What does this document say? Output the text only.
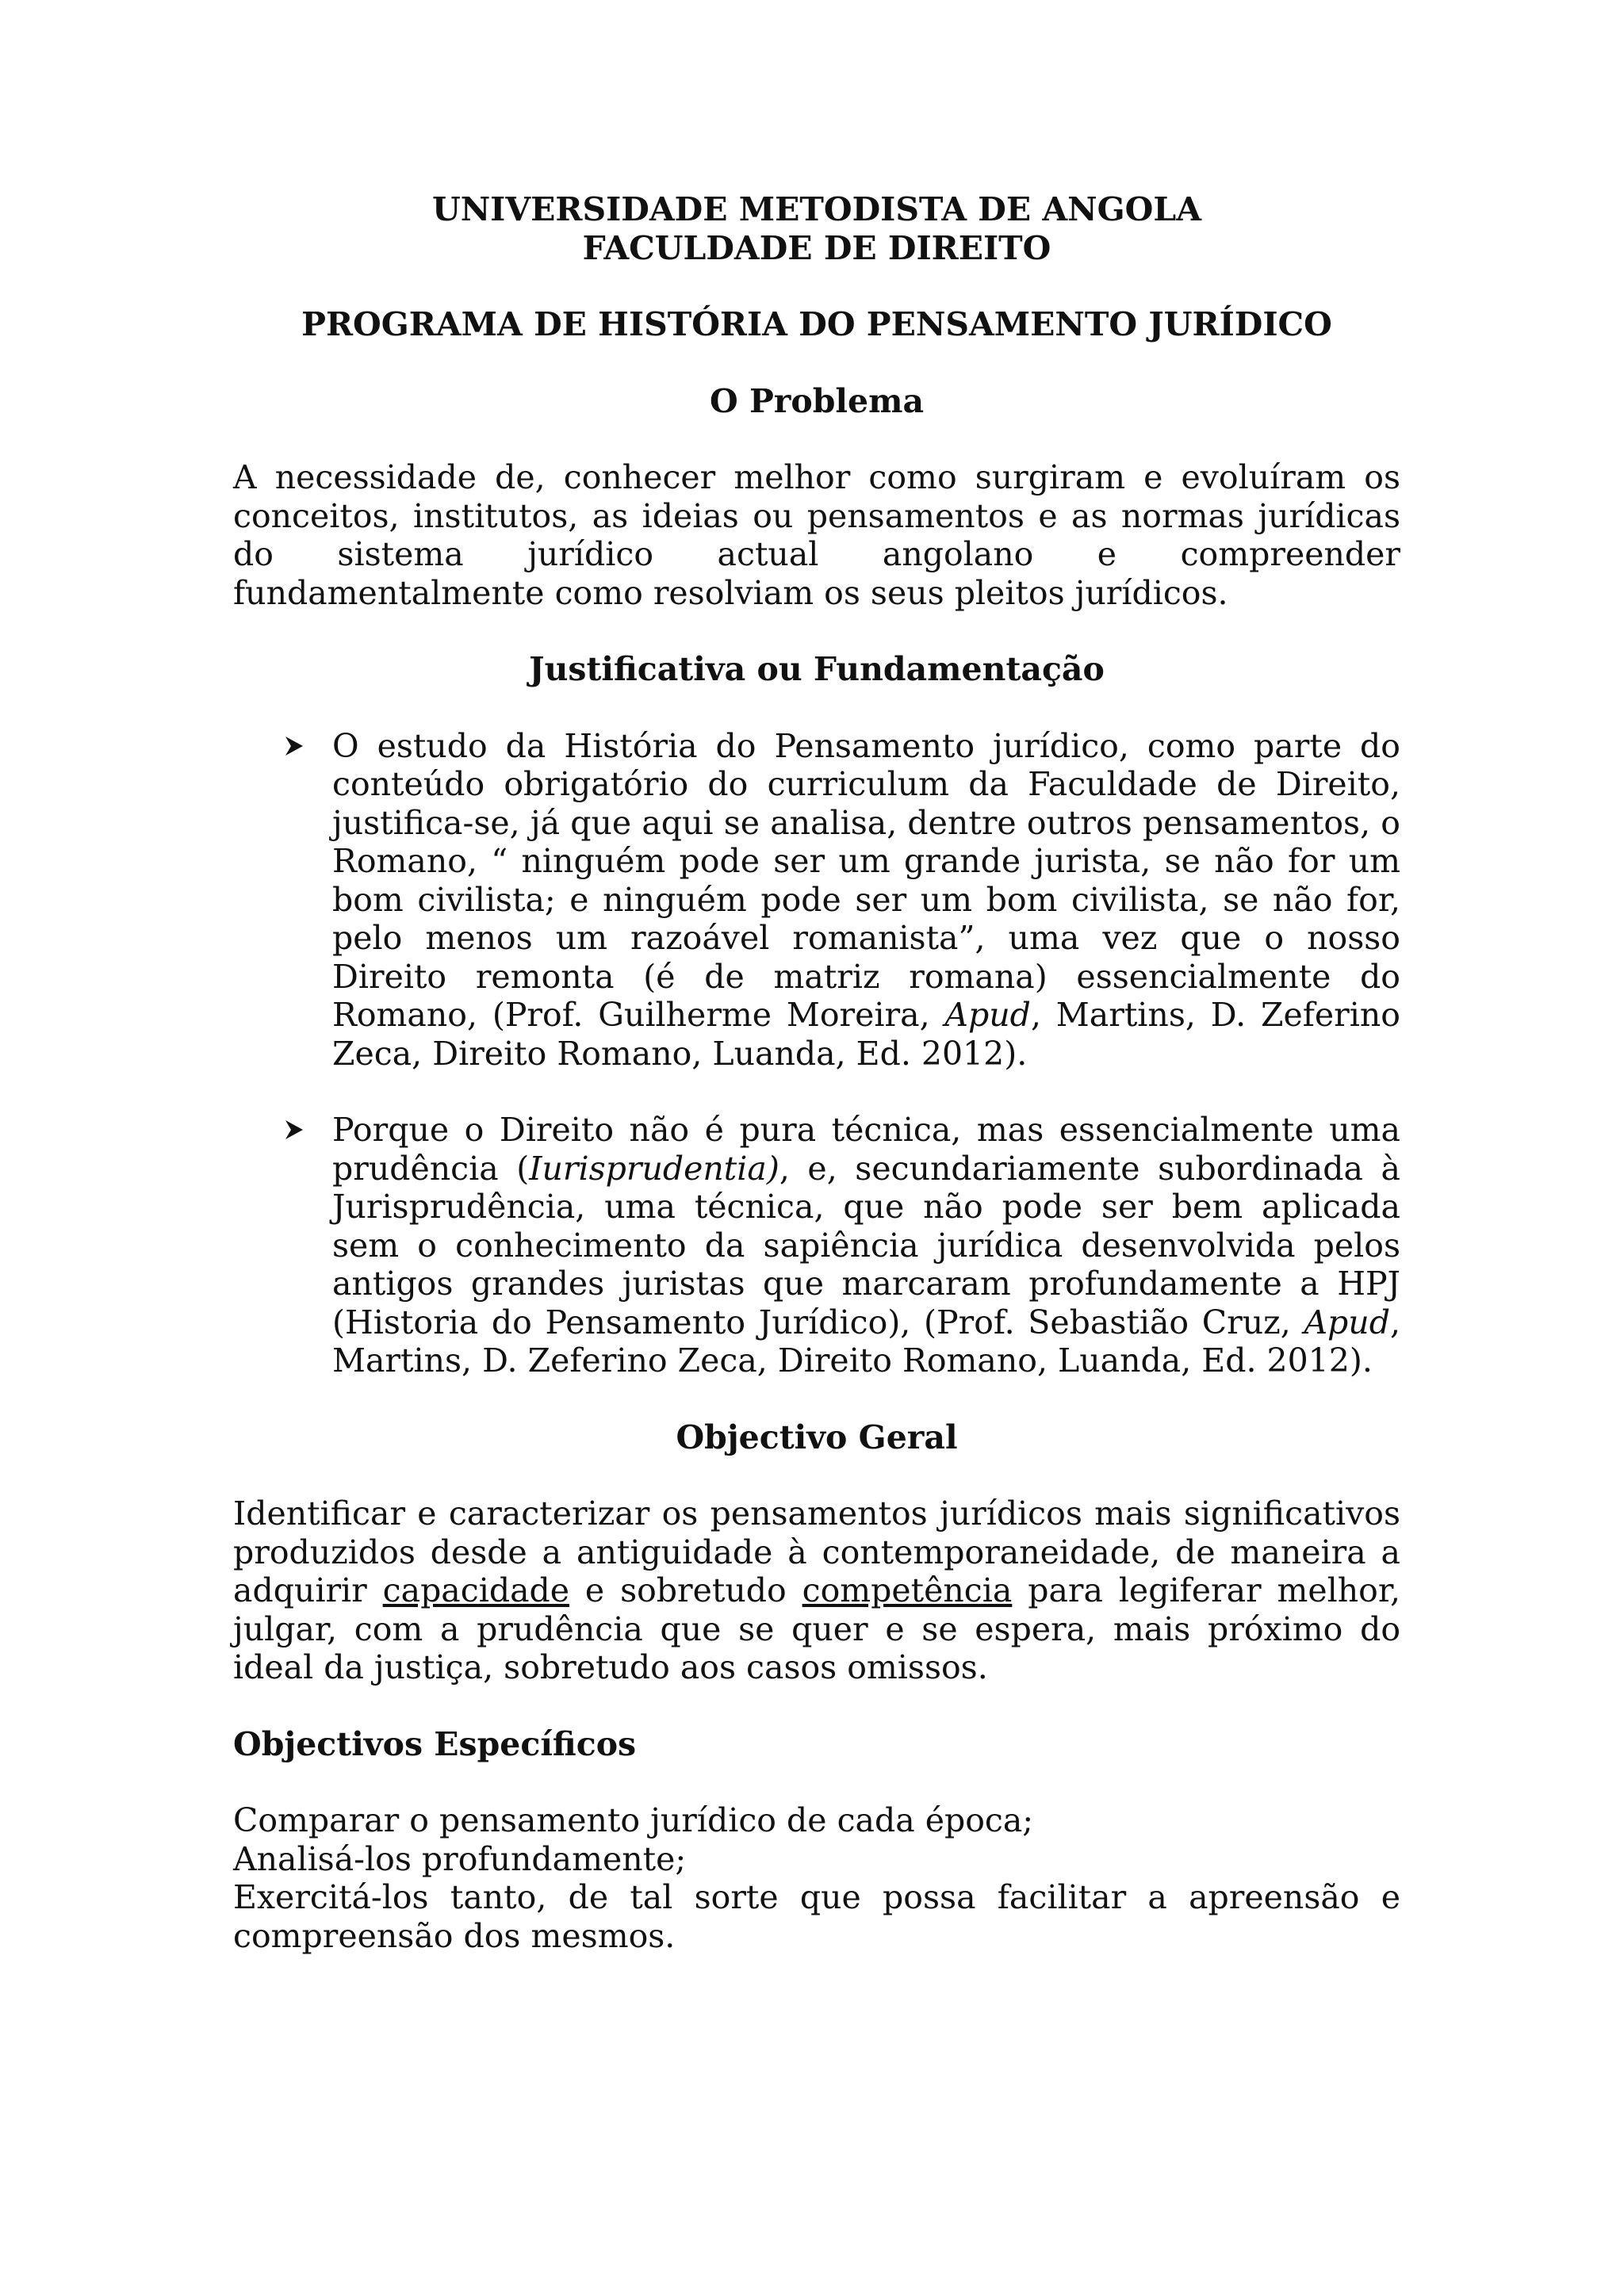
UNIVERSIDADE METODISTA DE ANGOLA

FACULDADE DE DIREITO

PROGRAMA DE HISTÓRIA DO PENSAMENTO JURÍDICO

O Problema

A necessidade de, conhecer melhor como surgiram e evoluíram os conceitos, institutos, as ideias ou pensamentos e as normas jurídicas do sistema jurídico actual angolano e compreender fundamentalmente como resolviam os seus pleitos jurídicos.

Justificativa ou Fundamentação

O estudo da História do Pensamento jurídico, como parte do conteúdo obrigatório do curriculum da Faculdade de Direito, justifica-se, já que aqui se analisa, dentre outros pensamentos, o Romano, “ ninguém pode ser um grande jurista, se não for um bom civilista; e ninguém pode ser um bom civilista, se não for, pelo menos um razoável romanista”, uma vez que o nosso Direito remonta (é de matriz romana) essencialmente do Romano, (Prof. Guilherme Moreira, Apud, Martins, D. Zeferino Zeca, Direito Romano, Luanda, Ed. 2012).
Porque o Direito não é pura técnica, mas essencialmente uma prudência (Iurisprudentia), e, secundariamente subordinada à Jurisprudência, uma técnica, que não pode ser bem aplicada sem o conhecimento da sapiência jurídica desenvolvida pelos antigos grandes juristas que marcaram profundamente a HPJ (Historia do Pensamento Jurídico), (Prof. Sebastião Cruz, Apud, Martins, D. Zeferino Zeca, Direito Romano, Luanda, Ed. 2012).

Objectivo Geral

Identificar e caracterizar os pensamentos jurídicos mais significativos produzidos desde a antiguidade à contemporaneidade, de maneira a adquirir capacidade e sobretudo competência para legiferar melhor, julgar, com a prudência que se quer e se espera, mais próximo do ideal da justiça, sobretudo aos casos omissos.

Objectivos Específicos

Comparar o pensamento jurídico de cada época;

Analisá-los profundamente;

Exercitá-los tanto, de tal sorte que possa facilitar a apreensão e compreensão dos mesmos.
